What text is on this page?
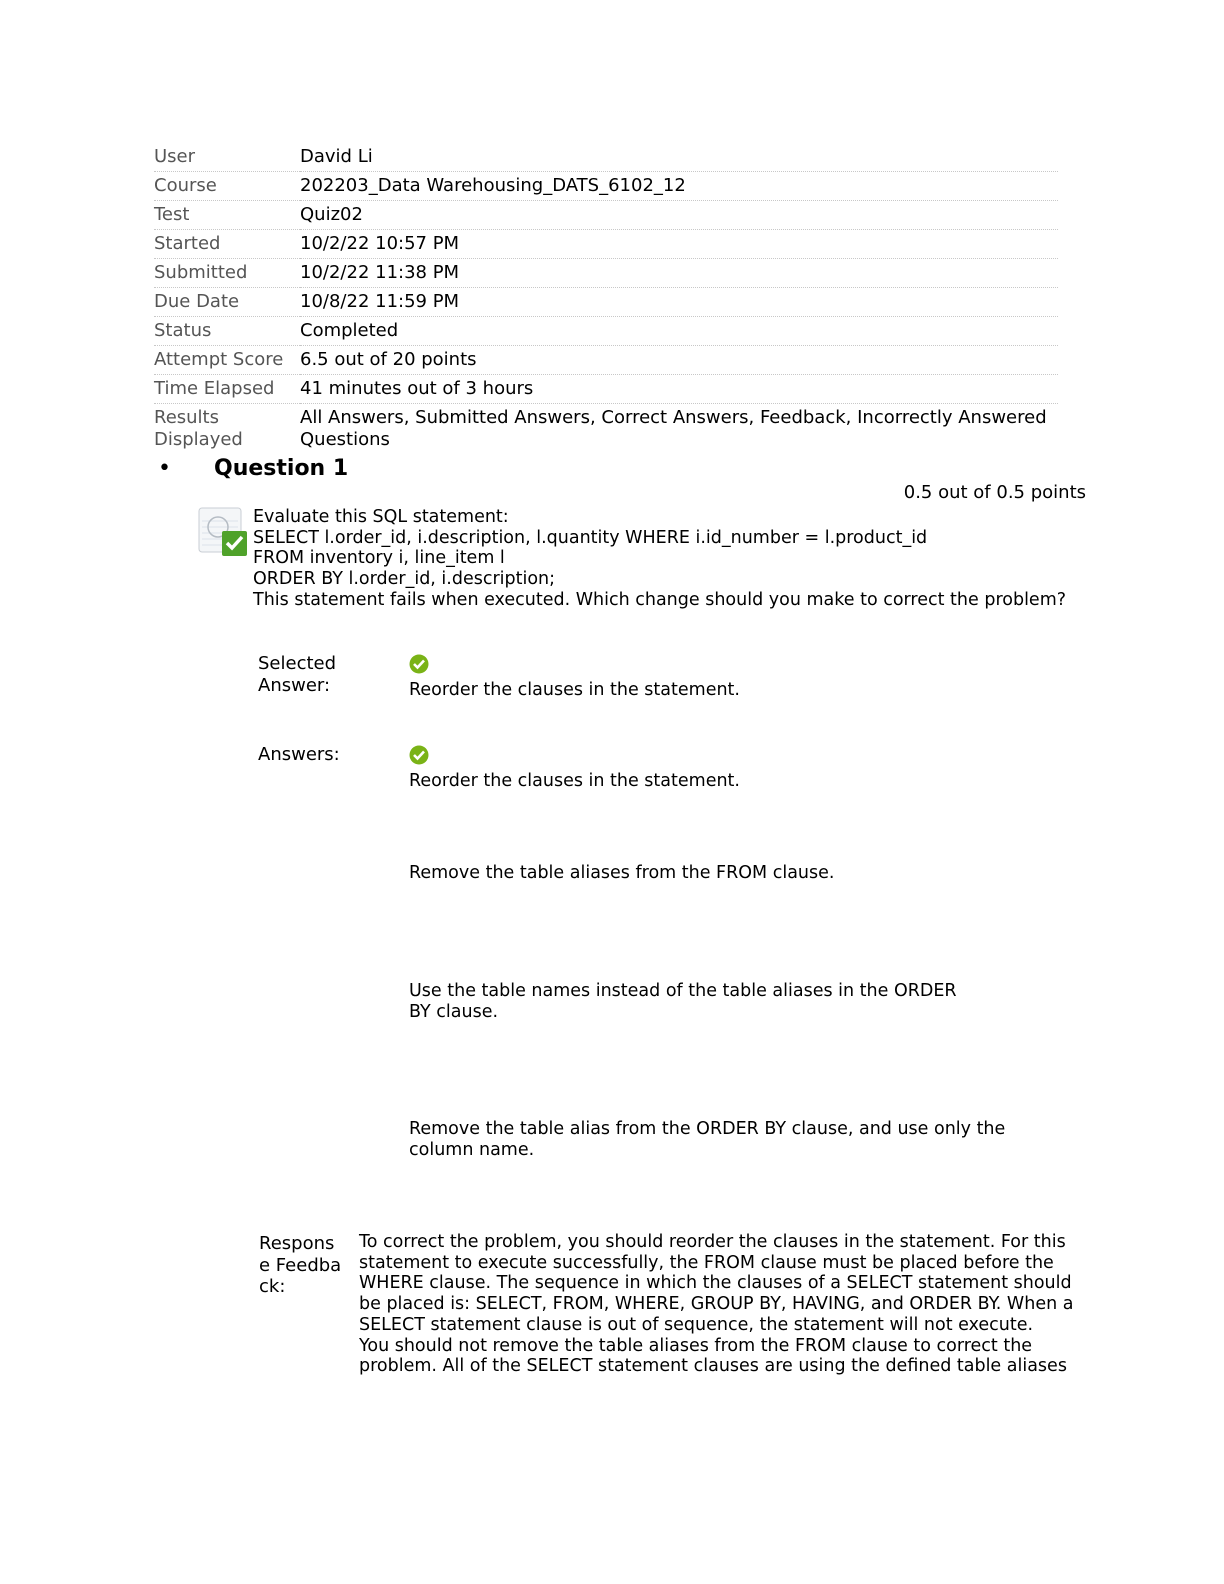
User	David Li
Course	202203_Data Warehousing_DATS_6102_12
Test	Quiz02
Started	10/2/22 10:57 PM
Submitted	10/2/22 11:38 PM
Due Date	10/8/22 11:59 PM
Status	Completed
Attempt Score	6.5 out of 20 points
Time Elapsed	41 minutes out of 3 hours
Results Displayed	All Answers, Submitted Answers, Correct Answers, Feedback, Incorrectly Answered Questions
• Question 1
0.5 out of 0.5 points
Evaluate this SQL statement:
SELECT l.order_id, i.description, l.quantity WHERE i.id_number = l.product_id
FROM inventory i, line_item l
ORDER BY l.order_id, i.description;
This statement fails when executed. Which change should you make to correct the problem?
Selected Answer:	Reorder the clauses in the statement.
Answers:
Reorder the clauses in the statement.
Remove the table aliases from the FROM clause.
Use the table names instead of the table aliases in the ORDER BY clause.
Remove the table alias from the ORDER BY clause, and use only the column name.
Response Feedback:
To correct the problem, you should reorder the clauses in the statement. For this statement to execute successfully, the FROM clause must be placed before the WHERE clause. The sequence in which the clauses of a SELECT statement should be placed is: SELECT, FROM, WHERE, GROUP BY, HAVING, and ORDER BY. When a SELECT statement clause is out of sequence, the statement will not execute.
You should not remove the table aliases from the FROM clause to correct the problem. All of the SELECT statement clauses are using the defined table aliases
